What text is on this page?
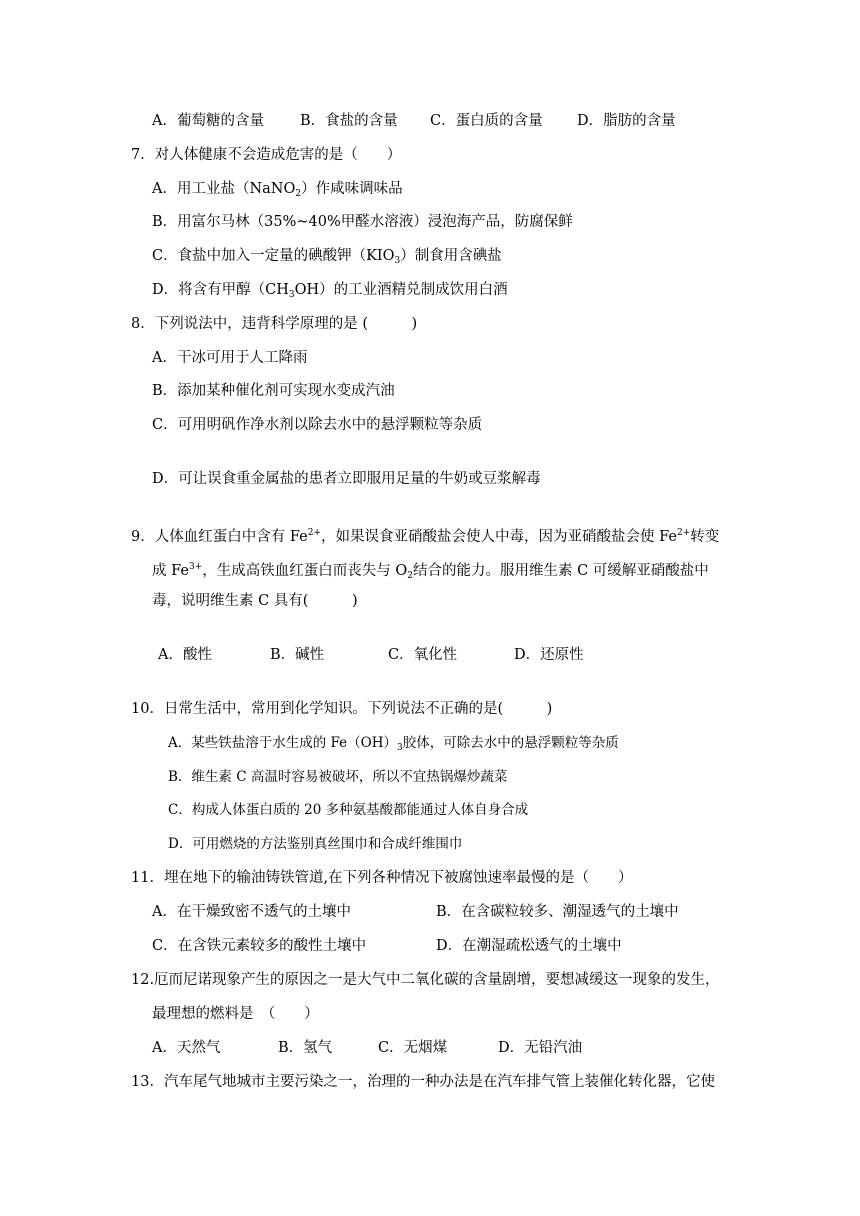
A．葡萄糖的含量 B．食盐的含量 C．蛋白质的含量 D．脂肪的含量
7．对人体健康不会造成危害的是（　　）
A．用工业盐（NaNO$_2$）作咸味调味品
B．用富尔马林（35%~40%甲醛水溶液）浸泡海产品，防腐保鲜
C．食盐中加入一定量的碘酸钾$(KIO_3)$制食用含碘盐
D．将含有甲醇$(CH_3OH)$的工业酒精兑制成饮用白酒
8．下列说法中，违背科学原理的是 (　　　)
A．干冰可用于人工降雨
B．添加某种催化剂可实现水变成汽油
C．可用明矾作净水剂以除去水中的悬浮颗粒等杂质
D．可让误食重金属盐的患者立即服用足量的牛奶或豆浆解毒
9．人体血红蛋白中含有 $Fe^{2+}$，如果误食亚硝酸盐会使人中毒，因为亚硝酸盐会使 $Fe^{2+}$转变
成 $Fe^{3+}$，生成高铁血红蛋白而丧失与 $O_2$结合的能力。服用维生素 C 可缓解亚硝酸盐中
毒，说明维生素 C 具有(　　　)
A．酸性	B．碱性	C．氧化性	D．还原性
10．日常生活中，常用到化学知识。下列说法不正确的是(　　　)
A．某些铁盐溶于水生成的 $Fe(OH)_3$胶体，可除去水中的悬浮颗粒等杂质
B．维生素 C 高温时容易被破坏，所以不宜热锅爆炒蔬菜
C．构成人体蛋白质的 20 多种氨基酸都能通过人体自身合成
D．可用燃烧的方法鉴别真丝围巾和合成纤维围巾
11．埋在地下的输油铸铁管道,在下列各种情况下被腐蚀速率最慢的是（　　）
A．在干燥致密不透气的土壤中	B．在含碳粒较多、潮湿透气的土壤中
C．在含铁元素较多的酸性土壤中	D．在潮湿疏松透气的土壤中
12.厄而尼诺现象产生的原因之一是大气中二氧化碳的含量剧增，要想减缓这一现象的发生，
最理想的燃料是　（　　）
A．天然气	B．氢气	C．无烟煤	D．无铅汽油
13．汽车尾气地城市主要污染之一，治理的一种办法是在汽车排气管上装催化转化器，它使
